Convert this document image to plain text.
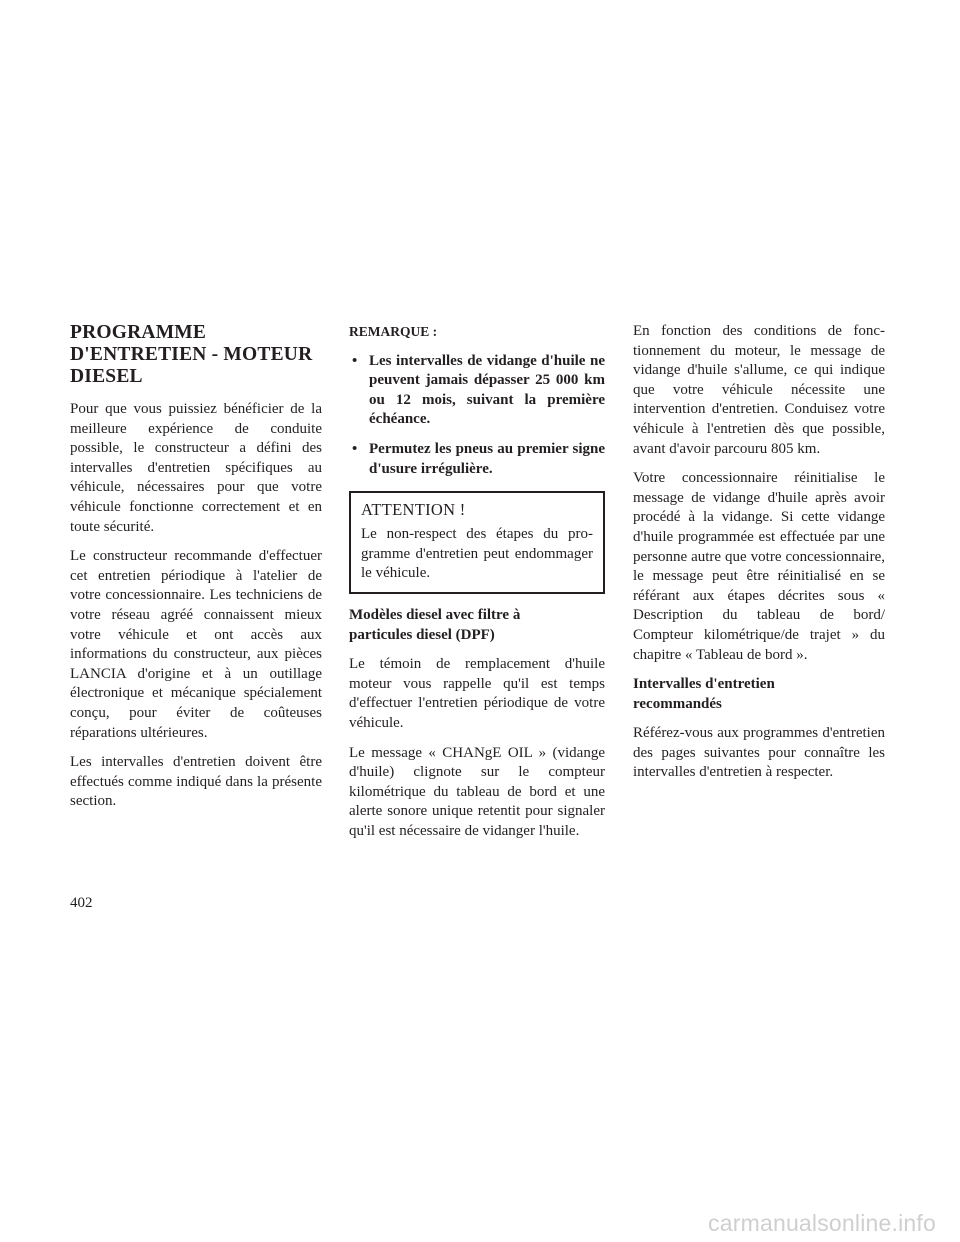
PROGRAMME
D'ENTRETIEN - MOTEUR
DIESEL

Pour que vous puissiez bénéficier de la meilleure expérience de conduite possible, le constructeur a défini des intervalles d'entretien spécifiques au véhicule, nécessaires pour que votre véhicule fonctionne correctement et en toute sécurité.

Le constructeur recommande d'effectuer cet entretien périodique à l'atelier de votre concessionnaire. Les techniciens de votre réseau agréé connaissent mieux votre véhicule et ont accès aux informations du constructeur, aux pièces LANCIA d'origine et à un outillage électronique et mécanique spécialement conçu, pour éviter de coûteuses réparations ultérieures.

Les intervalles d'entretien doivent être effectués comme indiqué dans la présente section.

REMARQUE :
• Les intervalles de vidange d'huile ne peuvent jamais dépasser 25 000 km ou 12 mois, suivant la première échéance.
• Permutez les pneus au premier signe d'usure irrégulière.
ATTENTION !

Le non-respect des étapes du programme d'entretien peut endommager le véhicule.

Modèles diesel avec filtre à
particules diesel (DPF)

Le témoin de remplacement d'huile moteur vous rappelle qu'il est temps d'effectuer l'entretien périodique de votre véhicule.

Le message « CHANgE OIL » (vidange d'huile) clignote sur le compteur kilométrique du tableau de bord et une alerte sonore unique retentit pour signaler qu'il est nécessaire de vidanger l'huile.

En fonction des conditions de fonctionnement du moteur, le message de vidange d'huile s'allume, ce qui indique que votre véhicule nécessite une intervention d'entretien. Conduisez votre véhicule à l'entretien dès que possible, avant d'avoir parcouru 805 km.

Votre concessionnaire réinitialise le message de vidange d'huile après avoir procédé à la vidange. Si cette vidange d'huile programmée est effectuée par une personne autre que votre concessionnaire, le message peut être réinitialisé en se référant aux étapes décrites sous « Description du tableau de bord/ Compteur kilométrique/de trajet » du chapitre « Tableau de bord ».

Intervalles d'entretien
recommandés

Référez-vous aux programmes d'entretien des pages suivantes pour connaître les intervalles d'entretien à respecter.

402
carmanualsonline.info
